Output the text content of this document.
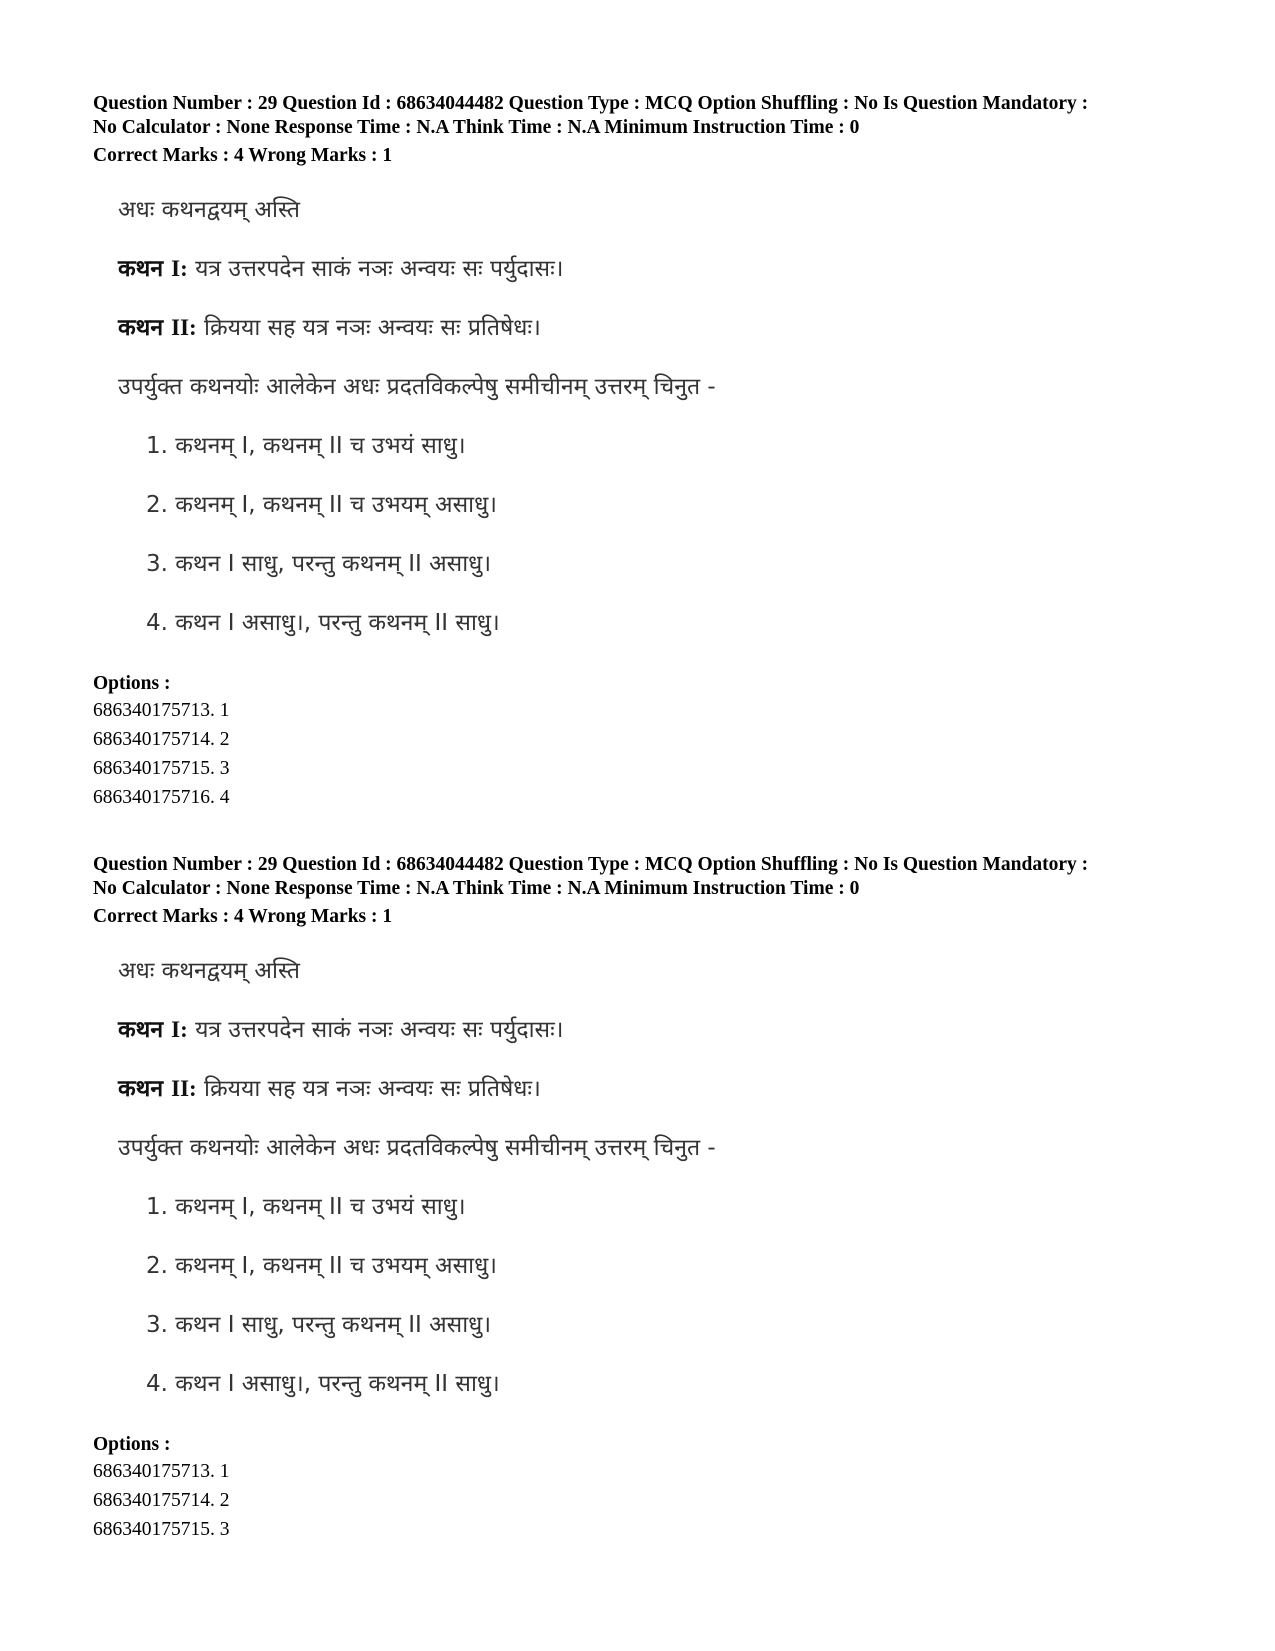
Question Number : 29 Question Id : 68634044482 Question Type : MCQ Option Shuffling : No Is Question Mandatory :
No Calculator : None Response Time : N.A Think Time : N.A Minimum Instruction Time : 0
Correct Marks : 4 Wrong Marks : 1
अधः कथनद्वयम् अस्ति
कथन I: यत्र उत्तरपदेन साकं नञः अन्वयः सः पर्युदासः।
कथन II: क्रियया सह यत्र नञः अन्वयः सः प्रतिषेधः।
उपर्युक्त कथनयोः आलेकेन अधः प्रदतविकल्पेषु समीचीनम् उत्तरम् चिनुत -
1. कथनम् I, कथनम् II च उभयं साधु।
2. कथनम् I, कथनम् II च उभयम् असाधु।
3. कथन I साधु, परन्तु कथनम् II असाधु।
4. कथन I असाधु।, परन्तु कथनम् II साधु।
Options :
686340175713. 1
686340175714. 2
686340175715. 3
686340175716. 4
Question Number : 29 Question Id : 68634044482 Question Type : MCQ Option Shuffling : No Is Question Mandatory :
No Calculator : None Response Time : N.A Think Time : N.A Minimum Instruction Time : 0
Correct Marks : 4 Wrong Marks : 1
अधः कथनद्वयम् अस्ति
कथन I: यत्र उत्तरपदेन साकं नञः अन्वयः सः पर्युदासः।
कथन II: क्रियया सह यत्र नञः अन्वयः सः प्रतिषेधः।
उपर्युक्त कथनयोः आलेकेन अधः प्रदतविकल्पेषु समीचीनम् उत्तरम् चिनुत -
1. कथनम् I, कथनम् II च उभयं साधु।
2. कथनम् I, कथनम् II च उभयम् असाधु।
3. कथन I साधु, परन्तु कथनम् II असाधु।
4. कथन I असाधु।, परन्तु कथनम् II साधु।
Options :
686340175713. 1
686340175714. 2
686340175715. 3
